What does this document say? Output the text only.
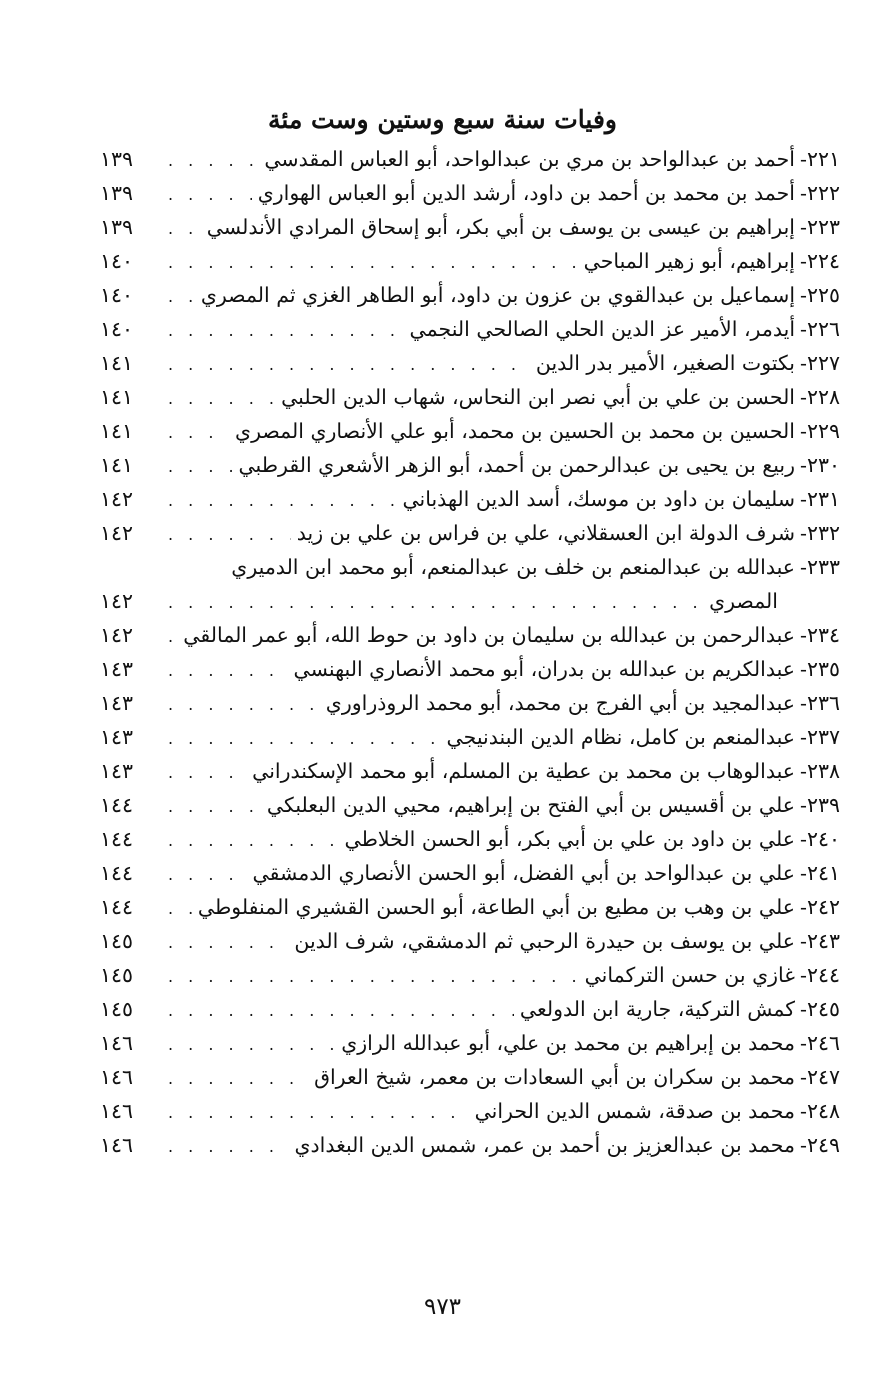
وفيات سنة سبع وستين وست مئة
٢٢١-
أحمد بن عبدالواحد بن مري بن عبدالواحد، أبو العباس المقدسي
. . .
١٣٩
٢٢٢-
أحمد بن محمد بن أحمد بن داود، أرشد الدين أبو العباس الهواري
. . .
١٣٩
٢٢٣-
إبراهيم بن عيسى بن يوسف بن أبي بكر، أبو إسحاق المرادي الأندلسي
. . .
١٣٩
٢٢٤-
إبراهيم، أبو زهير المباحي
. . .
١٤٠
٢٢٥-
إسماعيل بن عبدالقوي بن عزون بن داود، أبو الطاهر الغزي ثم المصري
. . .
١٤٠
٢٢٦-
أيدمر، الأمير عز الدين الحلي الصالحي النجمي
. . .
١٤٠
٢٢٧-
بكتوت الصغير، الأمير بدر الدين
. . .
١٤١
٢٢٨-
الحسن بن علي بن أبي نصر ابن النحاس، شهاب الدين الحلبي
. . .
١٤١
٢٢٩-
الحسين بن محمد بن الحسين بن محمد، أبو علي الأنصاري المصري
. . .
١٤١
٢٣٠-
ربيع بن يحيى بن عبدالرحمن بن أحمد، أبو الزهر الأشعري القرطبي
. . .
١٤١
٢٣١-
سليمان بن داود بن موسك، أسد الدين الهذباني
. . .
١٤٢
٢٣٢-
شرف الدولة ابن العسقلاني، علي بن فراس بن علي بن زيد
. . .
١٤٢
٢٣٣-
عبدالله بن عبدالمنعم بن خلف بن عبدالمنعم، أبو محمد ابن الدميري
المصري
. . .
١٤٢
٢٣٤-
عبدالرحمن بن عبدالله بن سليمان بن داود بن حوط الله، أبو عمر المالقي
. . .
١٤٢
٢٣٥-
عبدالكريم بن عبدالله بن بدران، أبو محمد الأنصاري البهنسي
. . .
١٤٣
٢٣٦-
عبدالمجيد بن أبي الفرج بن محمد، أبو محمد الروذراوري
. . .
١٤٣
٢٣٧-
عبدالمنعم بن كامل، نظام الدين البندنيجي
. . .
١٤٣
٢٣٨-
عبدالوهاب بن محمد بن عطية بن المسلم، أبو محمد الإسكندراني
. . .
١٤٣
٢٣٩-
علي بن أقسيس بن أبي الفتح بن إبراهيم، محيي الدين البعلبكي
. . .
١٤٤
٢٤٠-
علي بن داود بن علي بن أبي بكر، أبو الحسن الخلاطي
. . .
١٤٤
٢٤١-
علي بن عبدالواحد بن أبي الفضل، أبو الحسن الأنصاري الدمشقي
. . .
١٤٤
٢٤٢-
علي بن وهب بن مطيع بن أبي الطاعة، أبو الحسن القشيري المنفلوطي
. . .
١٤٤
٢٤٣-
علي بن يوسف بن حيدرة الرحبي ثم الدمشقي، شرف الدين
. . .
١٤٥
٢٤٤-
غازي بن حسن التركماني
. . .
١٤٥
٢٤٥-
كمش التركية، جارية ابن الدولعي
. . .
١٤٥
٢٤٦-
محمد بن إبراهيم بن محمد بن علي، أبو عبدالله الرازي
. . .
١٤٦
٢٤٧-
محمد بن سكران بن أبي السعادات بن معمر، شيخ العراق
. . .
١٤٦
٢٤٨-
محمد بن صدقة، شمس الدين الحراني
. . .
١٤٦
٢٤٩-
محمد بن عبدالعزيز بن أحمد بن عمر، شمس الدين البغدادي
. . .
١٤٦
٩٧٣
